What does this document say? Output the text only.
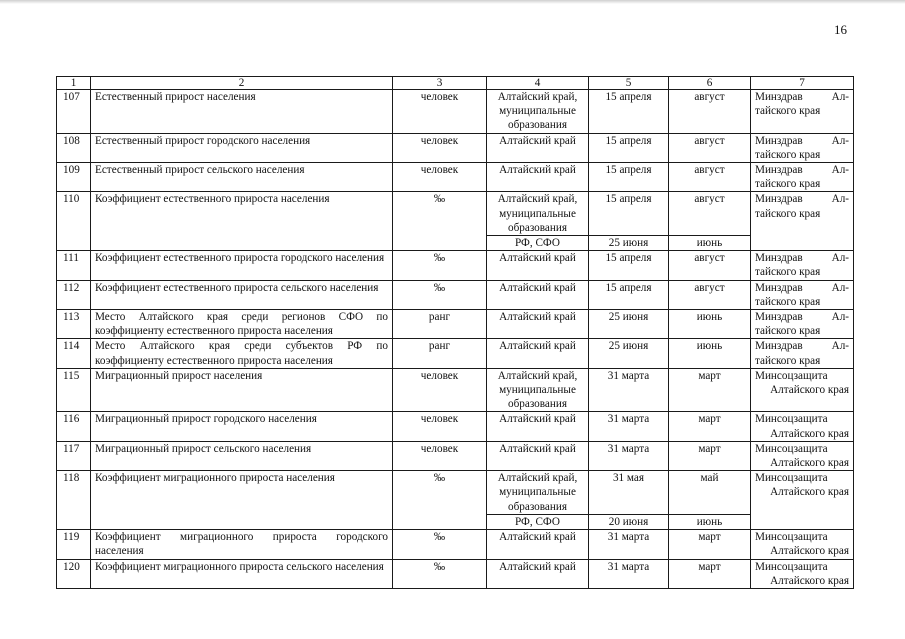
16
1	2	3	4	5	6	7
107	Естественный прирост населения	человек	Алтайский край, муниципальные образования	15 апреля	август	Минздрав Ал-
тайского края

108	Естественный прирост городского населения	человек	Алтайский край	15 апреля	август	Минздрав Ал-
тайского края

109	Естественный прирост сельского населения	человек	Алтайский край	15 апреля	август	Минздрав Ал-
тайского края

110	Коэффициент естественного прироста населения	‰	Алтайский край, муниципальные образования	15 апреля	август	Минздрав Ал-
тайского края

			РФ, СФО	25 июня	июнь	
111	Коэффициент естественного прироста городского населения	‰	Алтайский край	15 апреля	август	Минздрав Ал-
тайского края

112	Коэффициент естественного прироста сельского населения	‰	Алтайский край	15 апреля	август	Минздрав Ал-
тайского края

113	Место Алтайского края среди регионов СФО по коэффициенту естественного прироста населения	ранг	Алтайский край	25 июня	июнь	Минздрав Ал-
тайского края

114	Место Алтайского края среди субъектов РФ по коэффициенту естественного прироста населения	ранг	Алтайский край	25 июня	июнь	Минздрав Ал-
тайского края

115	Миграционный прирост населения	человек	Алтайский край, муниципальные образования	31 марта	март	Минсоцзащита
Алтайского края

116	Миграционный прирост городского населения	человек	Алтайский край	31 марта	март	Минсоцзащита
Алтайского края

117	Миграционный прирост сельского населения	человек	Алтайский край	31 марта	март	Минсоцзащита
Алтайского края

118	Коэффициент миграционного прироста населения	‰	Алтайский край, муниципальные образования	31 мая	май	Минсоцзащита
Алтайского края

			РФ, СФО	20 июня	июнь	
119	Коэффициент миграционного прироста городского населения	‰	Алтайский край	31 марта	март	Минсоцзащита
Алтайского края

120	Коэффициент миграционного прироста сельского населения	‰	Алтайский край	31 марта	март	Минсоцзащита
Алтайского края
